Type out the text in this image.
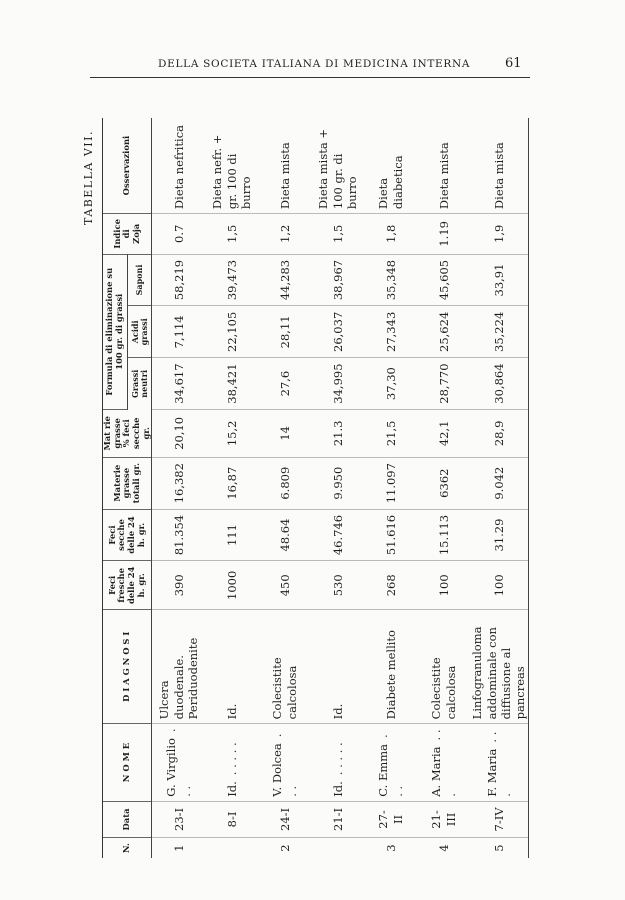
DELLA SOCIETA ITALIANA DI MEDICINA INTERNA	61
TABELLA VII.
N.	Data	N O M E	D I A G N O S I	Feci fresche delle 24 h. gr.	Feci secche delle 24 h. gr.	Materie grasse totali gr.	Mat rie grasse % feci secche gr.	Formula di eliminazione su 100 gr. di grassi			Indice di Zoja	Osservazioni
								Grassi neutri	Acidi grassi	Saponi		
1	23-I	G. Virgilio. . .	Ulcera duodenale. Periduodenite	390	81.354	16,382	20,10	34,617	7,114	58,219	0.7	Dieta nefritica
	8-I	Id.. . . . .	Id.	1000	111	16,87	15,2	38,421	22,105	39,473	1,5	Dieta nefr. + gr. 100 di burro
2	24-I	V. Dolcea. . .	Colecistite calcolosa	450	48.64	6.809	14	27,6	28,11	44,283	1,2	Dieta mista
	21-I	Id.. . . . .	Id.	530	46.746	9.950	21.3	34,995	26,037	38,967	1,5	Dieta mista + 100 gr. di burro
3	27-II	C. Emma. . .	Diabete mellito	268	51.616	11.097	21,5	37,30	27,343	35,348	1,8	Dieta diabetica
4	21-III	A. Maria. . .	Colecistite calcolosa	100	15.113	6362	42,1	28,770	25,624	45,605	1.19	Dieta mista
5	7-IV	F. Maria. . .	Linfogranuloma addominale con diffusione al pancreas	100	31.29	9.042	28,9	30,864	35,224	33,91	1,9	Dieta mista
